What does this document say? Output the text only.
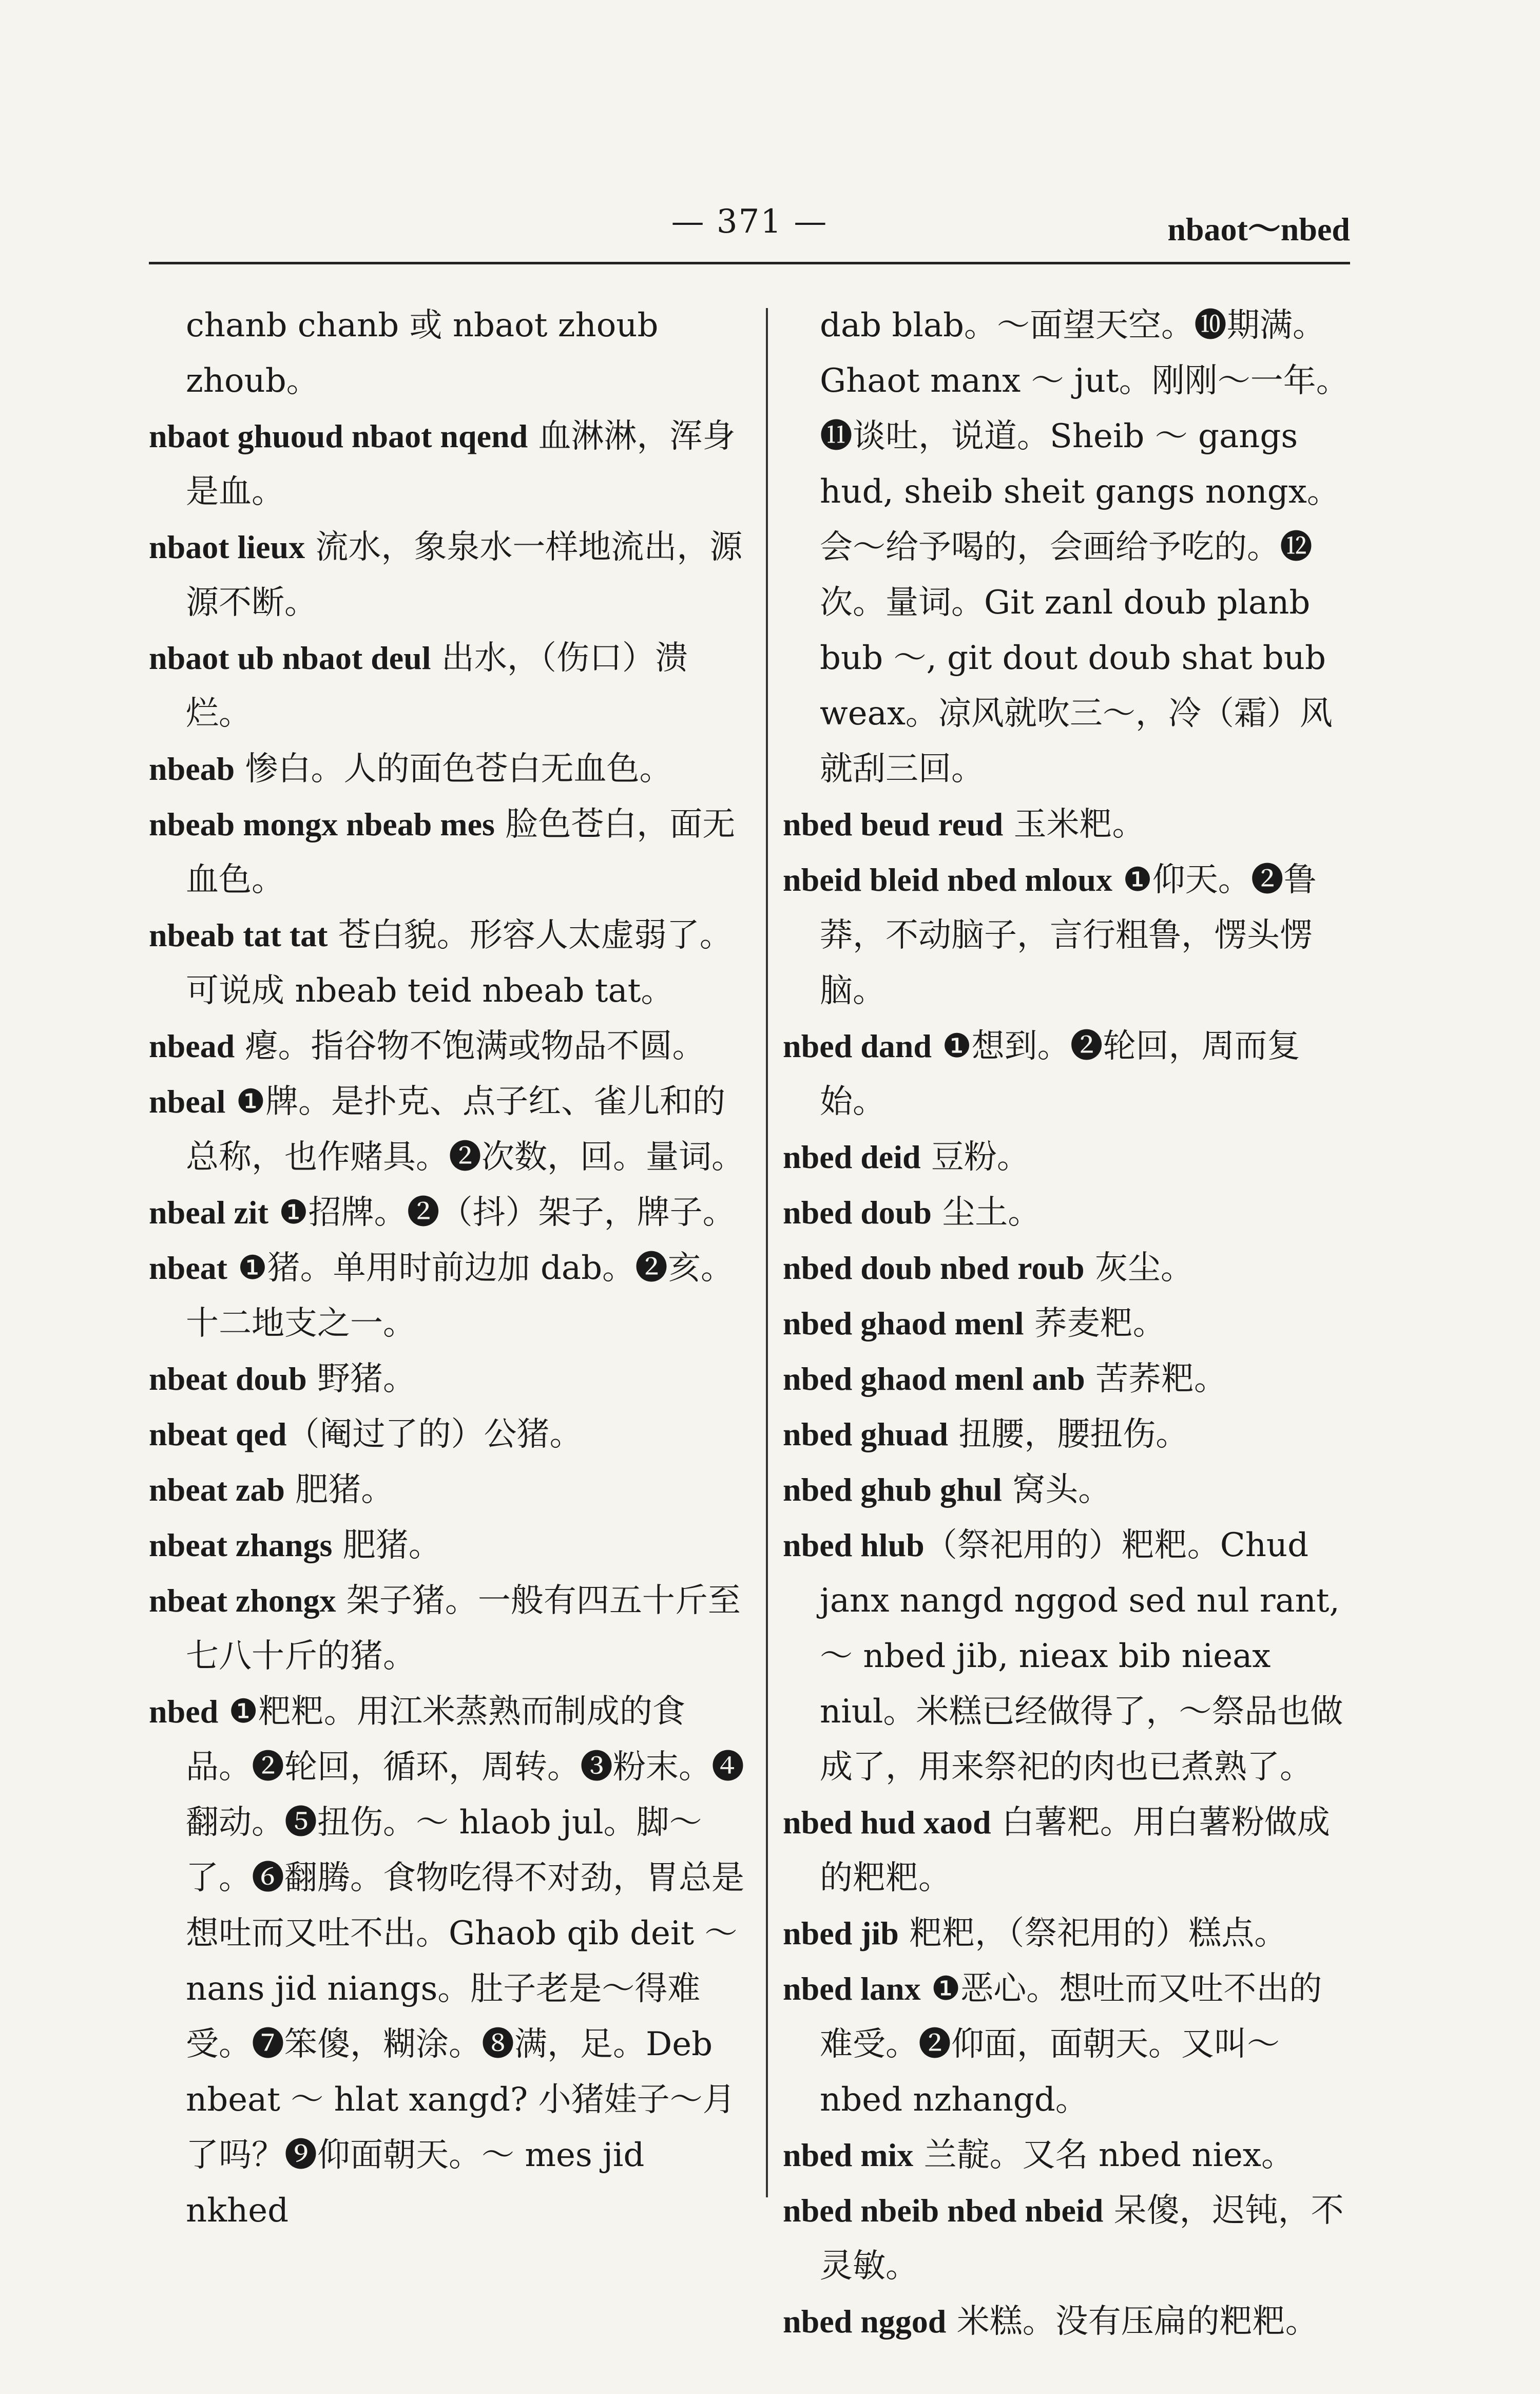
— 371 —	nbaot～nbed

chanb chanb 或 nbaot zhoub zhoub。

nbaot ghuoud nbaot nqend 血淋淋，浑身是血。

nbaot lieux 流水，象泉水一样地流出，源源不断。

nbaot ub nbaot deul 出水，（伤口）溃烂。

nbeab 惨白。人的面色苍白无血色。

nbeab mongx nbeab mes 脸色苍白，面无血色。

nbeab tat tat 苍白貌。形容人太虚弱了。可说成 nbeab teid nbeab tat。

nbead 瘪。指谷物不饱满或物品不圆。

nbeal ❶牌。是扑克、点子红、雀儿和的总称，也作赌具。❷次数，回。量词。

nbeal zit ❶招牌。❷（抖）架子，牌子。

nbeat ❶猪。单用时前边加 dab。❷亥。十二地支之一。

nbeat doub 野猪。

nbeat qed（阉过了的）公猪。

nbeat zab 肥猪。

nbeat zhangs 肥猪。

nbeat zhongx 架子猪。一般有四五十斤至七八十斤的猪。

nbed ❶粑粑。用江米蒸熟而制成的食品。❷轮回，循环，周转。❸粉末。❹翻动。❺扭伤。～ hlaob jul。脚～了。❻翻腾。食物吃得不对劲，胃总是想吐而又吐不出。Ghaob qib deit ～ nans jid niangs。肚子老是～得难受。❼笨傻，糊涂。❽满，足。Deb nbeat ～ hlat xangd? 小猪娃子～月了吗？❾仰面朝天。～ mes jid nkhed

dab blab。～面望天空。❿期满。Ghaot manx ～ jut。刚刚～一年。⓫谈吐，说道。Sheib ～ gangs hud, sheib sheit gangs nongx。会～给予喝的，会画给予吃的。⓬次。量词。Git zanl doub planb bub ～, git dout doub shat bub weax。凉风就吹三～，冷（霜）风就刮三回。

nbed beud reud 玉米粑。

nbeid bleid nbed mloux ❶仰天。❷鲁莽，不动脑子，言行粗鲁，愣头愣脑。

nbed dand ❶想到。❷轮回，周而复始。

nbed deid 豆粉。

nbed doub 尘土。

nbed doub nbed roub 灰尘。

nbed ghaod menl 荞麦粑。

nbed ghaod menl anb 苦荞粑。

nbed ghuad 扭腰，腰扭伤。

nbed ghub ghul 窝头。

nbed hlub（祭祀用的）粑粑。Chud janx nangd nggod sed nul rant, ～ nbed jib, nieax bib nieax niul。米糕已经做得了，～祭品也做成了，用来祭祀的肉也已煮熟了。

nbed hud xaod 白薯粑。用白薯粉做成的粑粑。

nbed jib 粑粑，（祭祀用的）糕点。

nbed lanx ❶恶心。想吐而又吐不出的难受。❷仰面，面朝天。又叫～ nbed nzhangd。

nbed mix 兰靛。又名 nbed niex。

nbed nbeib nbed nbeid 呆傻，迟钝，不灵敏。

nbed nggod 米糕。没有压扁的粑粑。
